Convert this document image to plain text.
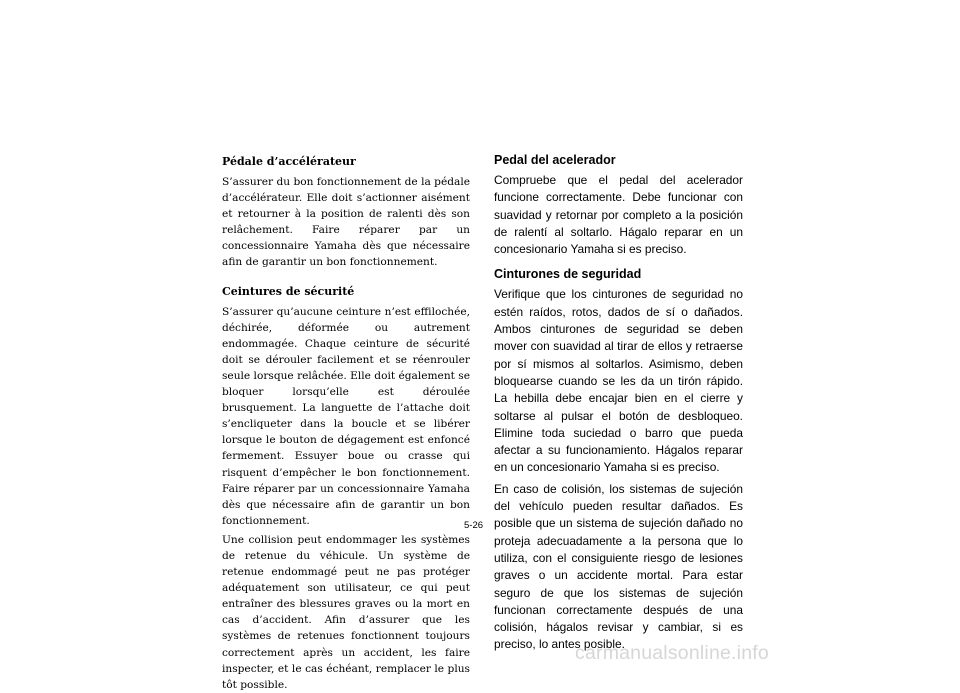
Pédale d’accélérateur

S’assurer du bon fonctionnement de la pédale d’accélérateur. Elle doit s’actionner aisément et retourner à la position de ralenti dès son relâchement. Faire réparer par un concessionnaire Yamaha dès que nécessaire afin de garantir un bon fonctionnement.

Ceintures de sécurité

S’assurer qu’aucune ceinture n’est effilochée, déchirée, déformée ou autrement endommagée. Chaque ceinture de sécurité doit se dérouler facilement et se réenrouler seule lorsque relâchée. Elle doit également se bloquer lorsqu’elle est déroulée brusquement. La languette de l’attache doit s’encliqueter dans la boucle et se libérer lorsque le bouton de dégagement est enfoncé fermement. Essuyer boue ou crasse qui risquent d’empêcher le bon fonctionnement. Faire réparer par un concessionnaire Yamaha dès que nécessaire afin de garantir un bon fonctionnement.

Une collision peut endommager les systèmes de retenue du véhicule. Un système de retenue endommagé peut ne pas protéger adéquatement son utilisateur, ce qui peut entraîner des blessures graves ou la mort en cas d’accident. Afin d’assurer que les systèmes de retenues fonctionnent toujours correctement après un accident, les faire inspecter, et le cas échéant, remplacer le plus tôt possible.

Pedal del acelerador

Compruebe que el pedal del acelerador funcione correctamente. Debe funcionar con suavidad y retornar por completo a la posición de ralentí al soltarlo. Hágalo reparar en un concesionario Yamaha si es preciso.

Cinturones de seguridad

Verifique que los cinturones de seguridad no estén raídos, rotos, dados de sí o dañados. Ambos cinturones de seguridad se deben mover con suavidad al tirar de ellos y retraerse por sí mismos al soltarlos. Asimismo, deben bloquearse cuando se les da un tirón rápido. La hebilla debe encajar bien en el cierre y soltarse al pulsar el botón de desbloqueo. Elimine toda suciedad o barro que pueda afectar a su funcionamiento. Hágalos reparar en un concesionario Yamaha si es preciso.

En caso de colisión, los sistemas de sujeción del vehículo pueden resultar dañados. Es posible que un sistema de sujeción dañado no proteja adecuadamente a la persona que lo utiliza, con el consiguiente riesgo de lesiones graves o un accidente mortal. Para estar seguro de que los sistemas de sujeción funcionan correctamente después de una colisión, hágalos revisar y cambiar, si es preciso, lo antes posible.

5-26
carmanualsonline.info
